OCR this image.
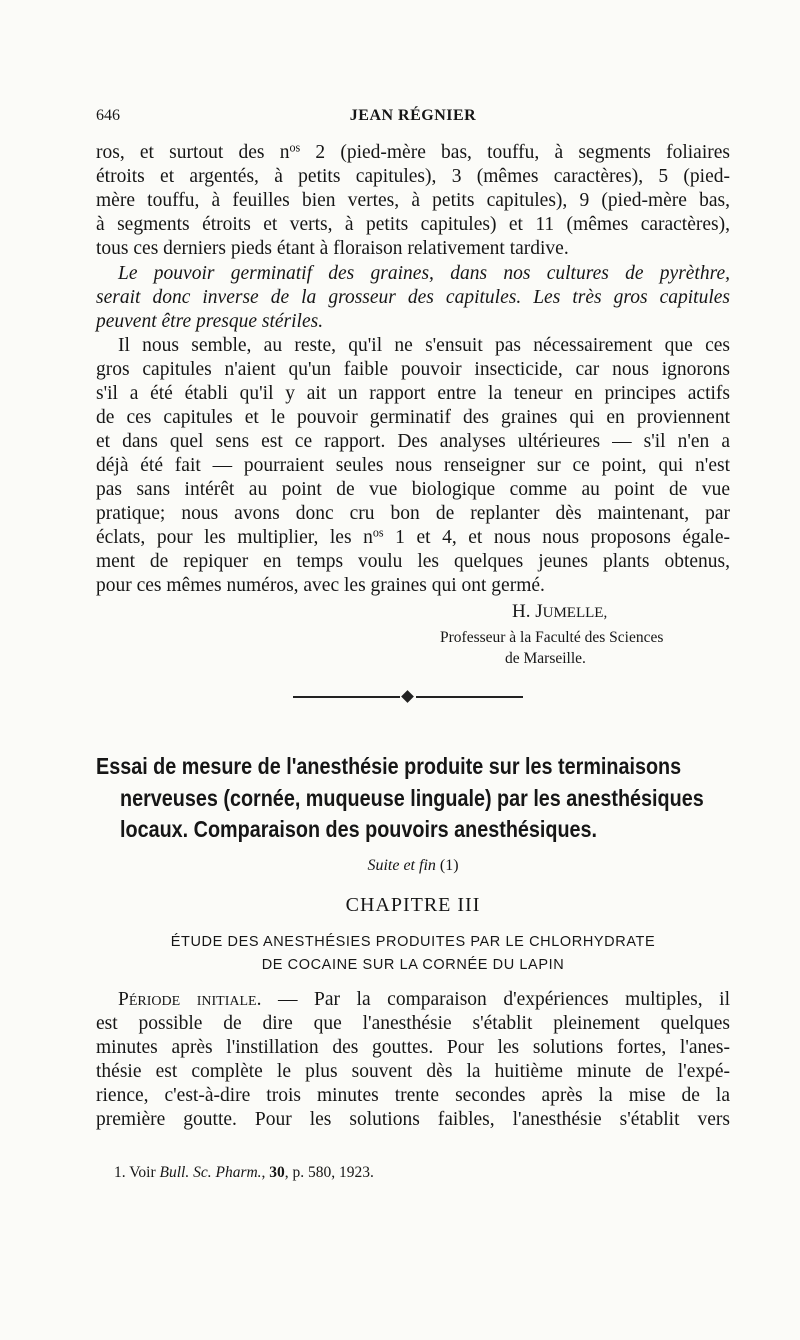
646	JEAN RÉGNIER

ros, et surtout des $n^{os}$ 2 (pied-mère bas, touffu, à segments foliaires

étroits et argentés, à petits capitules), 3 (mêmes caractères), 5 (pied-

mère touffu, à feuilles bien vertes, à petits capitules), 9 (pied-mère bas,

à segments étroits et verts, à petits capitules) et 11 (mêmes caractères),

tous ces derniers pieds étant à floraison relativement tardive.

Le pouvoir germinatif des graines, dans nos cultures de pyrèthre,

serait donc inverse de la grosseur des capitules. Les très gros capitules

peuvent être presque stériles.

Il nous semble, au reste, qu'il ne s'ensuit pas nécessairement que ces

gros capitules n'aient qu'un faible pouvoir insecticide, car nous ignorons

s'il a été établi qu'il y ait un rapport entre la teneur en principes actifs

de ces capitules et le pouvoir germinatif des graines qui en proviennent

et dans quel sens est ce rapport. Des analyses ultérieures — s'il n'en a

déjà été fait — pourraient seules nous renseigner sur ce point, qui n'est

pas sans intérêt au point de vue biologique comme au point de vue

pratique; nous avons donc cru bon de replanter dès maintenant, par

éclats, pour les multiplier, les $n^{os}$ 1 et 4, et nous nous proposons égale-

ment de repiquer en temps voulu les quelques jeunes plants obtenus,

pour ces mêmes numéros, avec les graines qui ont germé.

H. JUMELLE,

Professeur à la Faculté des Sciences

de Marseille.

Essai de mesure de l'anesthésie produite sur les terminaisons

nerveuses (cornée, muqueuse linguale) par les anesthésiques

locaux. Comparaison des pouvoirs anesthésiques.

Suite et fin (1)

CHAPITRE III

ÉTUDE DES ANESTHÉSIES PRODUITES PAR LE CHLORHYDRATE

DE COCAINE SUR LA CORNÉE DU LAPIN

Période initiale. — Par la comparaison d'expériences multiples, il

est possible de dire que l'anesthésie s'établit pleinement quelques

minutes après l'instillation des gouttes. Pour les solutions fortes, l'anes-

thésie est complète le plus souvent dès la huitième minute de l'expé-

rience, c'est-à-dire trois minutes trente secondes après la mise de la

première goutte. Pour les solutions faibles, l'anesthésie s'établit vers

1. Voir Bull. Sc. Pharm., 30, p. 580, 1923.
